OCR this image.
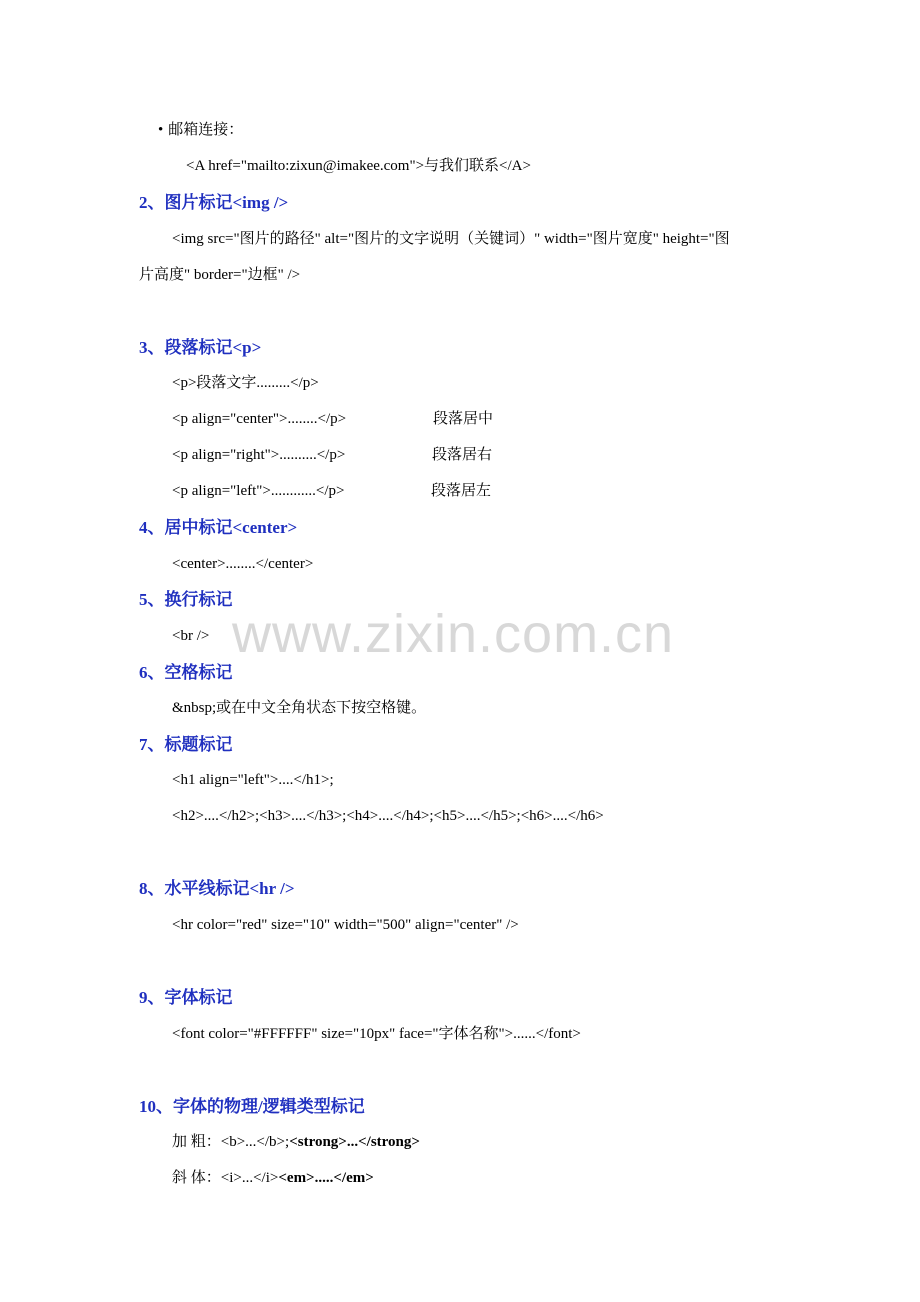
• 邮箱连接：
<A href="mailto:zixun@imakee.com">与我们联系</A>
2、图片标记<img />
<img src="图片的路径" alt="图片的文字说明（关键词）" width="图片宽度" height="图
片高度" border="边框" />
3、段落标记<p>
<p>段落文字.........</p>
<p align="center">........</p>	段落居中
<p align="right">..........</p>	段落居右
<p align="left">............</p>	段落居左
4、居中标记<center>
<center>........</center>
5、换行标记
<br /> www.zixin.com.cn
6、空格标记
&nbsp;或在中文全角状态下按空格键。
7、标题标记
<h1 align="left">....</h1>;
<h2>....</h2>;<h3>....</h3>;<h4>....</h4>;<h5>....</h5>;<h6>....</h6>
8、水平线标记<hr />
<hr color="red" size="10" width="500" align="center" />
9、字体标记
<font color="#FFFFFF" size="10px" face="字体名称">......</font>
10、字体的物理/逻辑类型标记
加 粗：<b>...</b>;<strong>...</strong>
斜 体：<i>...</i><em>.....</em>
